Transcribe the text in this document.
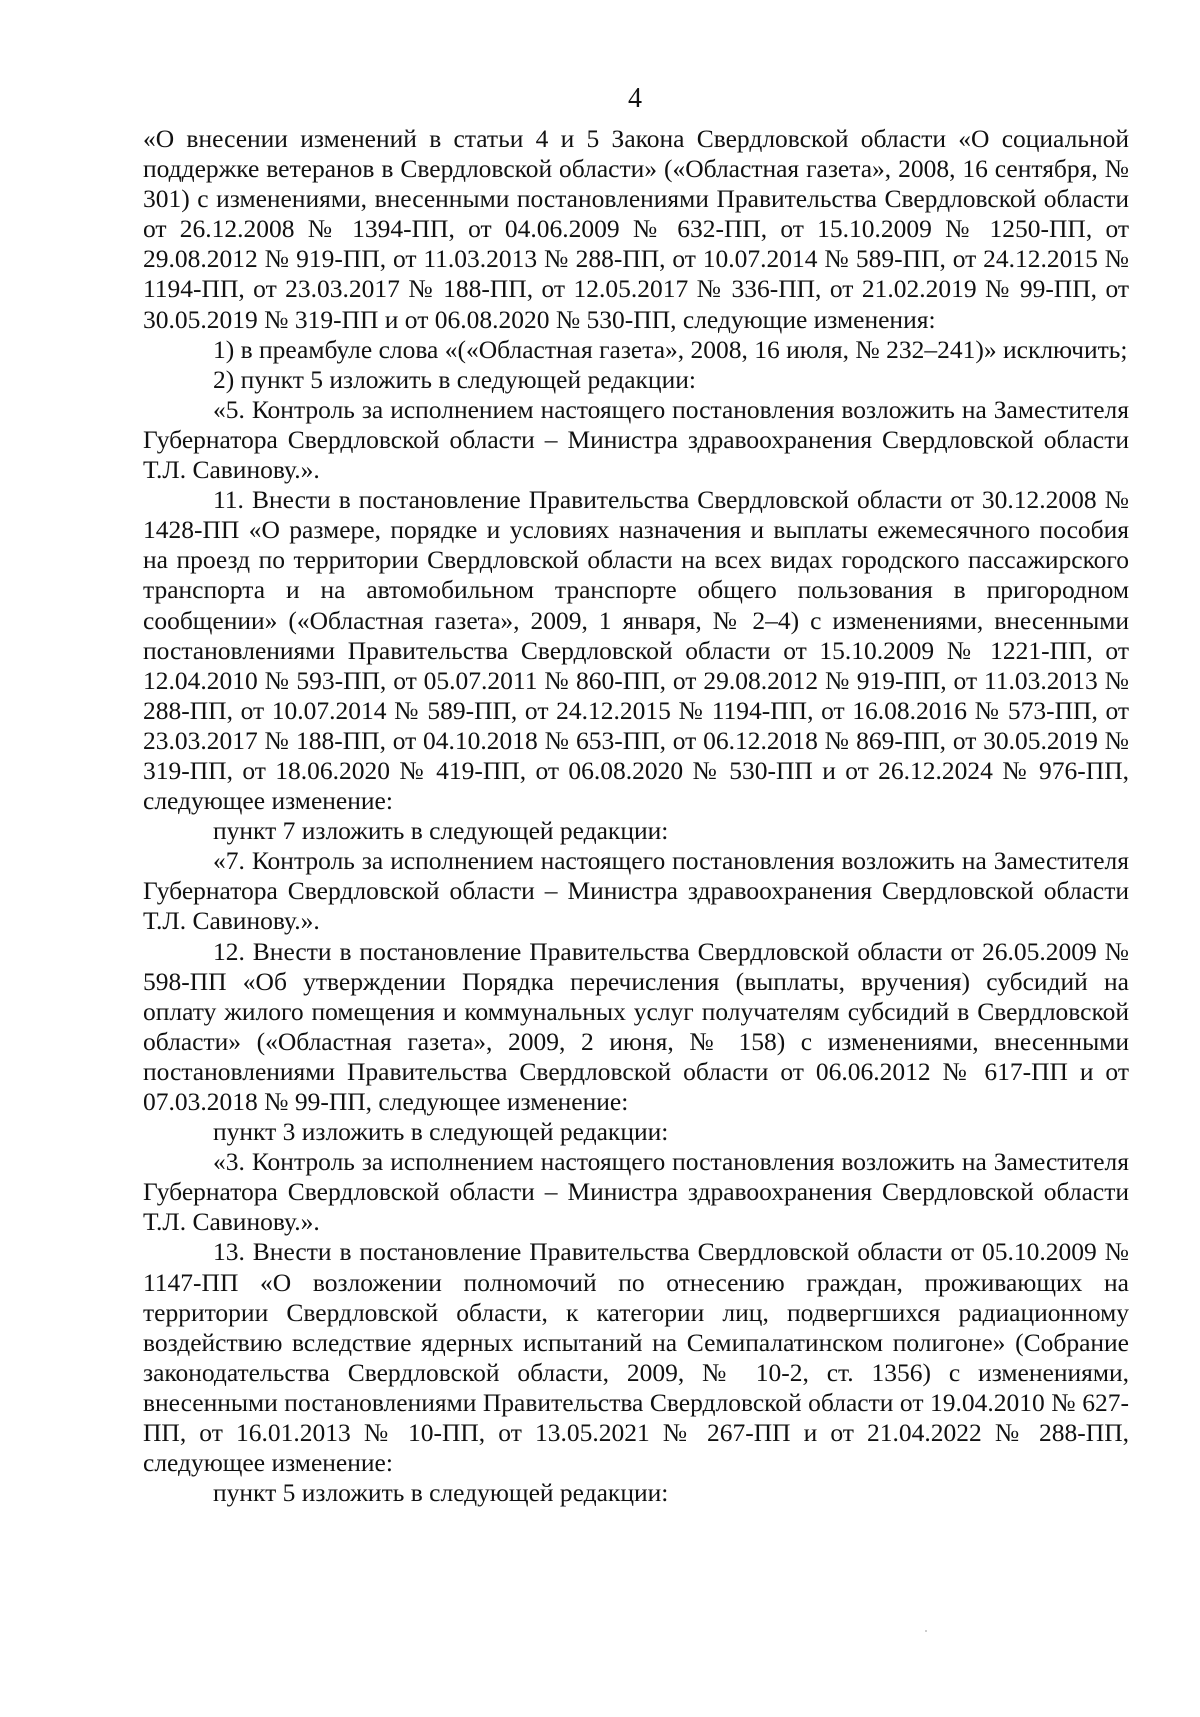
4

«О внесении изменений в статьи 4 и 5 Закона Свердловской области «О социальной поддержке ветеранов в Свердловской области» («Областная газета», 2008, 16 сентября, № 301) с изменениями, внесенными постановлениями Правительства Свердловской области от 26.12.2008 № 1394-ПП, от 04.06.2009 № 632-ПП, от 15.10.2009 № 1250-ПП, от 29.08.2012 № 919-ПП, от 11.03.2013 № 288-ПП, от 10.07.2014 № 589-ПП, от 24.12.2015 № 1194-ПП, от 23.03.2017 № 188-ПП, от 12.05.2017 № 336-ПП, от 21.02.2019 № 99-ПП, от 30.05.2019 № 319-ПП и от 06.08.2020 № 530-ПП, следующие изменения:

1) в преамбуле слова «(«Областная газета», 2008, 16 июля, № 232–241)» исключить;

2) пункт 5 изложить в следующей редакции:

«5. Контроль за исполнением настоящего постановления возложить на Заместителя Губернатора Свердловской области – Министра здравоохранения Свердловской области Т.Л. Савинову.».

11. Внести в постановление Правительства Свердловской области от 30.12.2008 № 1428-ПП «О размере, порядке и условиях назначения и выплаты ежемесячного пособия на проезд по территории Свердловской области на всех видах городского пассажирского транспорта и на автомобильном транспорте общего пользования в пригородном сообщении» («Областная газета», 2009, 1 января, № 2–4) с изменениями, внесенными постановлениями Правительства Свердловской области от 15.10.2009 № 1221-ПП, от 12.04.2010 № 593-ПП, от 05.07.2011 № 860-ПП, от 29.08.2012 № 919-ПП, от 11.03.2013 № 288-ПП, от 10.07.2014 № 589-ПП, от 24.12.2015 № 1194-ПП, от 16.08.2016 № 573-ПП, от 23.03.2017 № 188-ПП, от 04.10.2018 № 653-ПП, от 06.12.2018 № 869-ПП, от 30.05.2019 № 319-ПП, от 18.06.2020 № 419-ПП, от 06.08.2020 № 530-ПП и от 26.12.2024 № 976-ПП, следующее изменение:

пункт 7 изложить в следующей редакции:

«7. Контроль за исполнением настоящего постановления возложить на Заместителя Губернатора Свердловской области – Министра здравоохранения Свердловской области Т.Л. Савинову.».

12. Внести в постановление Правительства Свердловской области от 26.05.2009 № 598-ПП «Об утверждении Порядка перечисления (выплаты, вручения) субсидий на оплату жилого помещения и коммунальных услуг получателям субсидий в Свердловской области» («Областная газета», 2009, 2 июня, № 158) с изменениями, внесенными постановлениями Правительства Свердловской области от 06.06.2012 № 617-ПП и от 07.03.2018 № 99-ПП, следующее изменение:

пункт 3 изложить в следующей редакции:

«3. Контроль за исполнением настоящего постановления возложить на Заместителя Губернатора Свердловской области – Министра здравоохранения Свердловской области Т.Л. Савинову.».

13. Внести в постановление Правительства Свердловской области от 05.10.2009 № 1147-ПП «О возложении полномочий по отнесению граждан, проживающих на территории Свердловской области, к категории лиц, подвергшихся радиационному воздействию вследствие ядерных испытаний на Семипалатинском полигоне» (Собрание законодательства Свердловской области, 2009, № 10-2, ст. 1356) с изменениями, внесенными постановлениями Правительства Свердловской области от 19.04.2010 № 627-ПП, от 16.01.2013 № 10-ПП, от 13.05.2021 № 267-ПП и от 21.04.2022 № 288-ПП, следующее изменение:

пункт 5 изложить в следующей редакции:
